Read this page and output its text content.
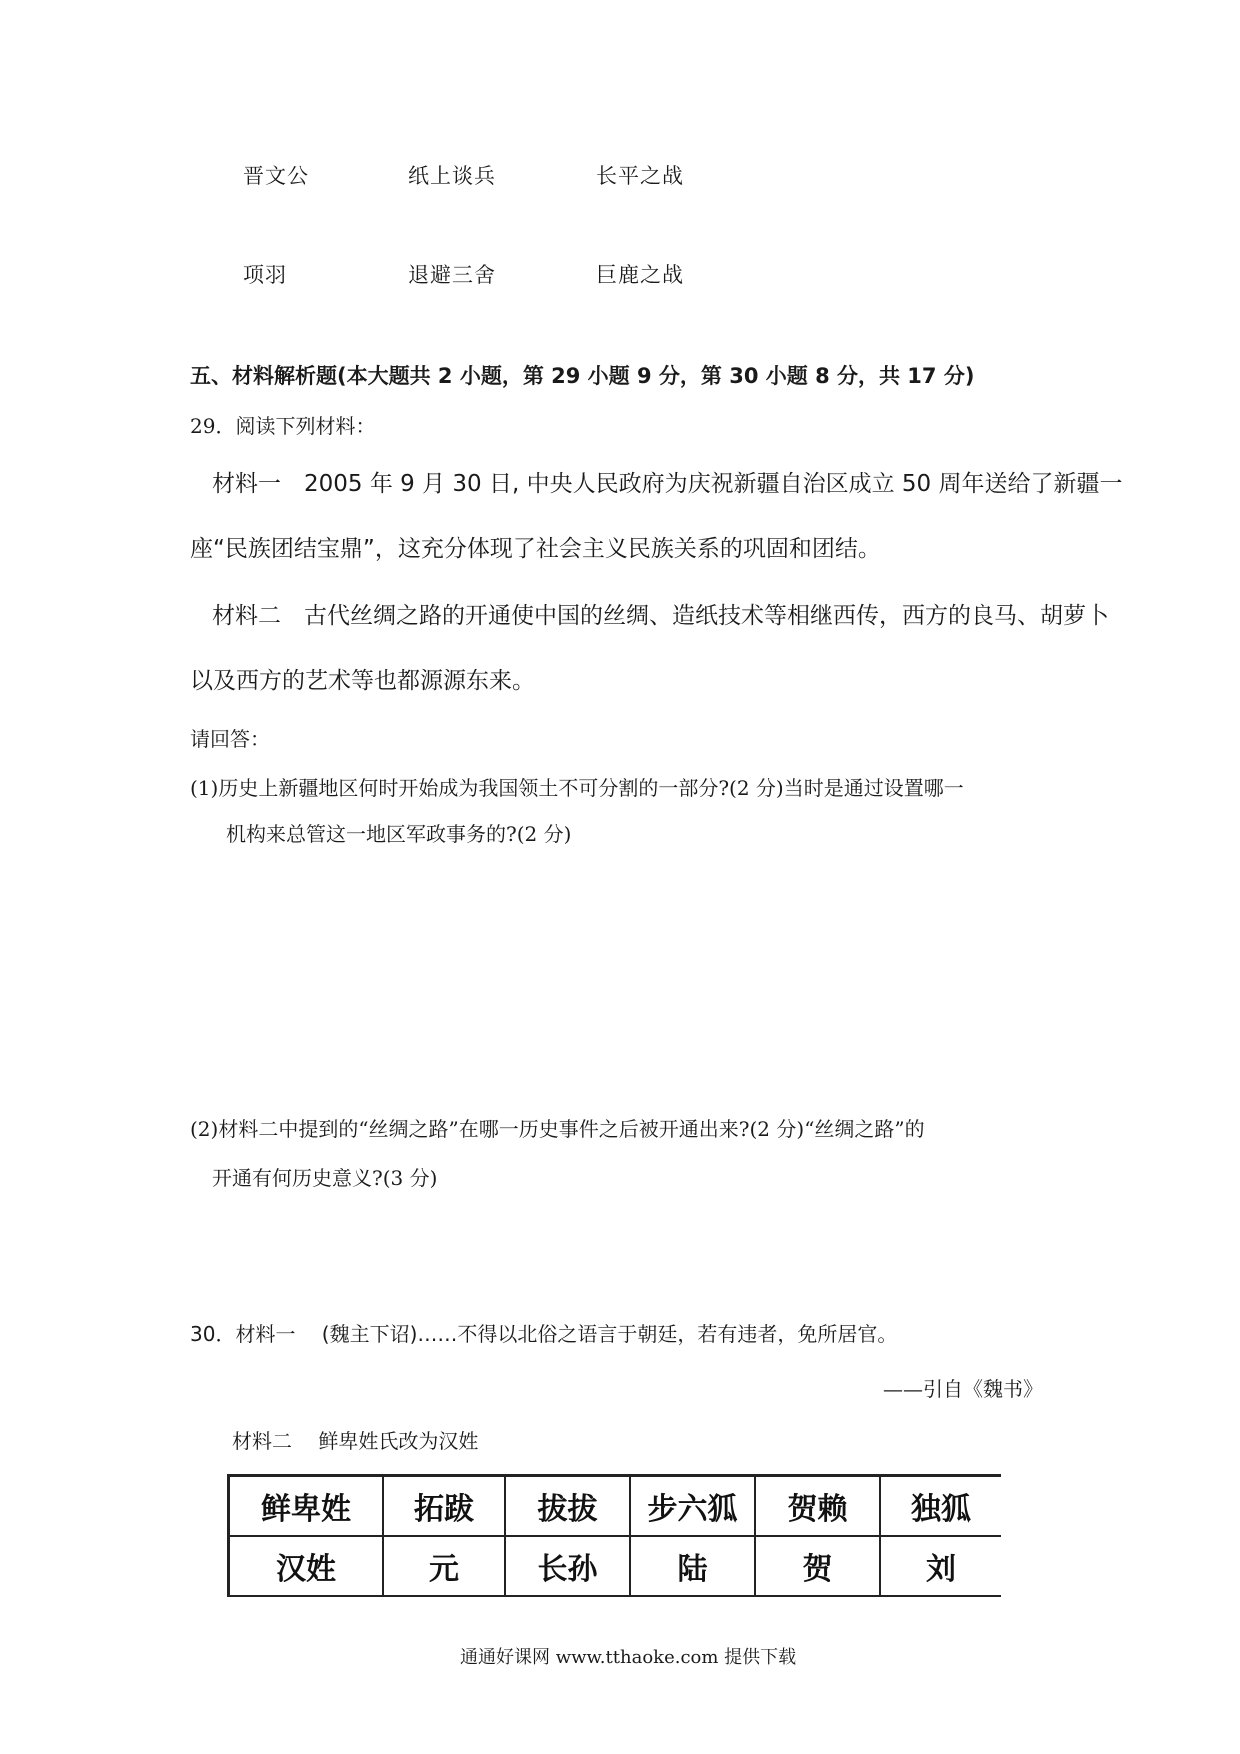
晋文公	纸上谈兵	长平之战
项羽	退避三舍	巨鹿之战
五、材料解析题(本大题共 2 小题，第 29 小题 9 分，第 30 小题 8 分，共 17 分)
29．阅读下列材料：
材料一　2005 年 9 月 30 日, 中央人民政府为庆祝新疆自治区成立 50 周年送给了新疆一
座“民族团结宝鼎”，这充分体现了社会主义民族关系的巩固和团结。
材料二　古代丝绸之路的开通使中国的丝绸、造纸技术等相继西传，西方的良马、胡萝卜
以及西方的艺术等也都源源东来。
请回答：
(1)历史上新疆地区何时开始成为我国领土不可分割的一部分?(2 分)当时是通过设置哪一
机构来总管这一地区军政事务的?(2 分)
(2)材料二中提到的“丝绸之路”在哪一历史事件之后被开通出来?(2 分)“丝绸之路”的
开通有何历史意义?(3 分)
30．材料一　 (魏主下诏)……不得以北俗之语言于朝廷，若有违者，免所居官。
——引自《魏书》
材料二　 鲜卑姓氏改为汉姓
鲜卑姓	拓跋	拔拔	步六狐	贺赖	独狐
汉姓	元	长孙	陆	贺	刘
通通好课网 www.tthaoke.com 提供下载
